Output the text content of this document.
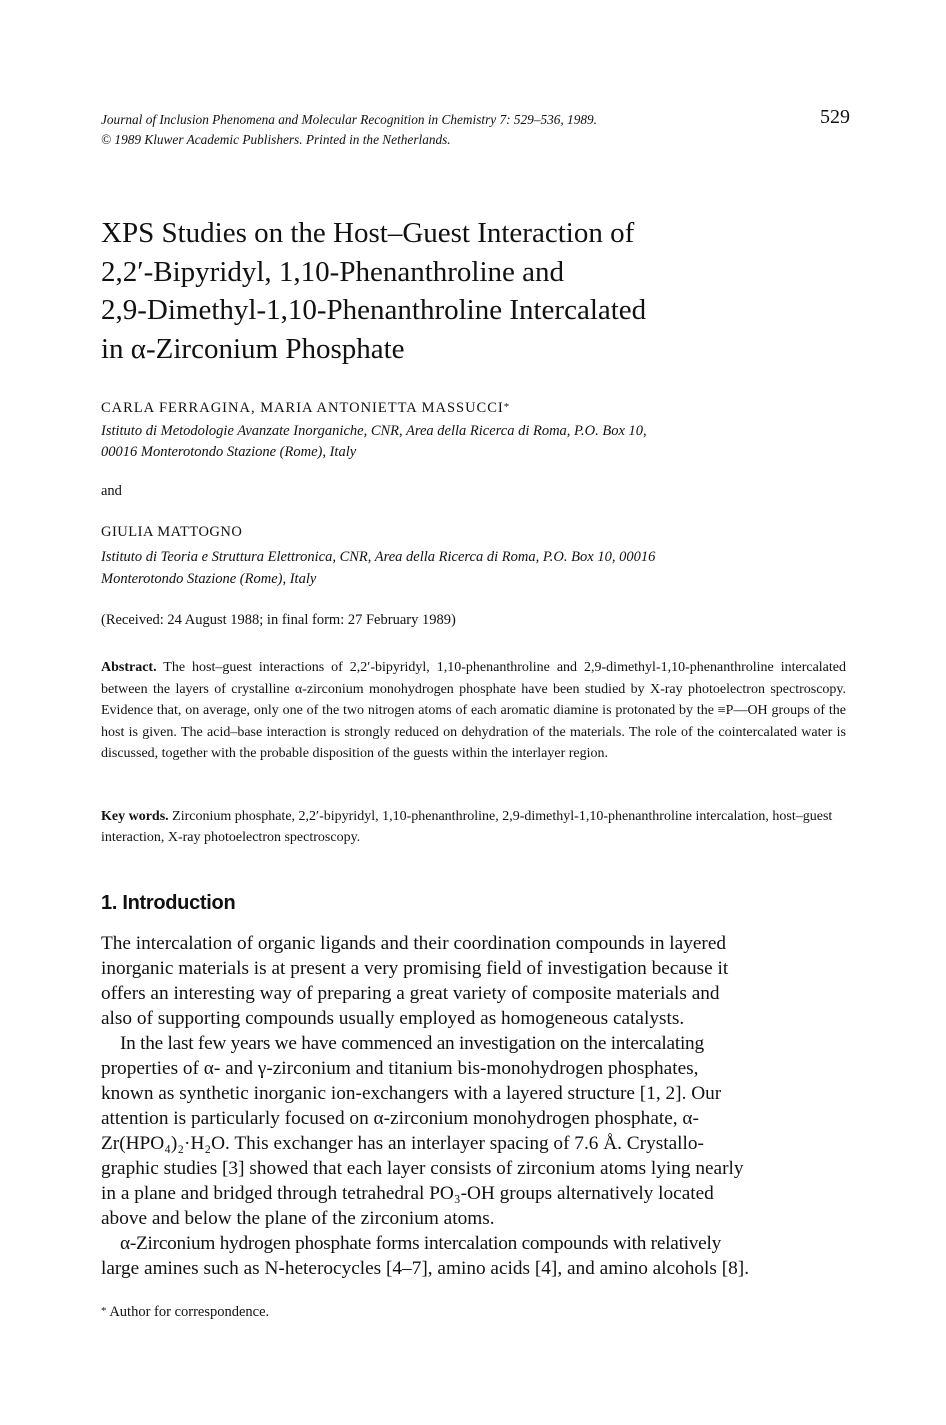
Journal of Inclusion Phenomena and Molecular Recognition in Chemistry 7: 529–536, 1989.
© 1989 Kluwer Academic Publishers. Printed in the Netherlands.
529
XPS Studies on the Host–Guest Interaction of
2,2′-Bipyridyl, 1,10-Phenanthroline and
2,9-Dimethyl-1,10-Phenanthroline Intercalated
in α-Zirconium Phosphate
CARLA FERRAGINA, MARIA ANTONIETTA MASSUCCI*
Istituto di Metodologie Avanzate Inorganiche, CNR, Area della Ricerca di Roma, P.O. Box 10,
00016 Monterotondo Stazione (Rome), Italy
and
GIULIA MATTOGNO
Istituto di Teoria e Struttura Elettronica, CNR, Area della Ricerca di Roma, P.O. Box 10, 00016
Monterotondo Stazione (Rome), Italy
(Received: 24 August 1988; in final form: 27 February 1989)
Abstract. The host–guest interactions of 2,2′-bipyridyl, 1,10-phenanthroline and 2,9-dimethyl-1,10-phenanthroline intercalated between the layers of crystalline α-zirconium monohydrogen phosphate have been studied by X-ray photoelectron spectroscopy. Evidence that, on average, only one of the two nitrogen atoms of each aromatic diamine is protonated by the ≡P—OH groups of the host is given. The acid–base interaction is strongly reduced on dehydration of the materials. The role of the cointercalated water is discussed, together with the probable disposition of the guests within the interlayer region.
Key words. Zirconium phosphate, 2,2′-bipyridyl, 1,10-phenanthroline, 2,9-dimethyl-1,10-phenanthroline intercalation, host–guest interaction, X-ray photoelectron spectroscopy.
1. Introduction
The intercalation of organic ligands and their coordination compounds in layered
inorganic materials is at present a very promising field of investigation because it
offers an interesting way of preparing a great variety of composite materials and
also of supporting compounds usually employed as homogeneous catalysts.
In the last few years we have commenced an investigation on the intercalating
properties of α- and γ-zirconium and titanium bis-monohydrogen phosphates,
known as synthetic inorganic ion-exchangers with a layered structure [1, 2]. Our
attention is particularly focused on α-zirconium monohydrogen phosphate, α-
Zr(HPO₄)₂·H₂O. This exchanger has an interlayer spacing of 7.6 Å. Crystallo-
graphic studies [3] showed that each layer consists of zirconium atoms lying nearly
in a plane and bridged through tetrahedral PO₃-OH groups alternatively located
above and below the plane of the zirconium atoms.
α-Zirconium hydrogen phosphate forms intercalation compounds with relatively
large amines such as N-heterocycles [4–7], amino acids [4], and amino alcohols [8].
* Author for correspondence.
